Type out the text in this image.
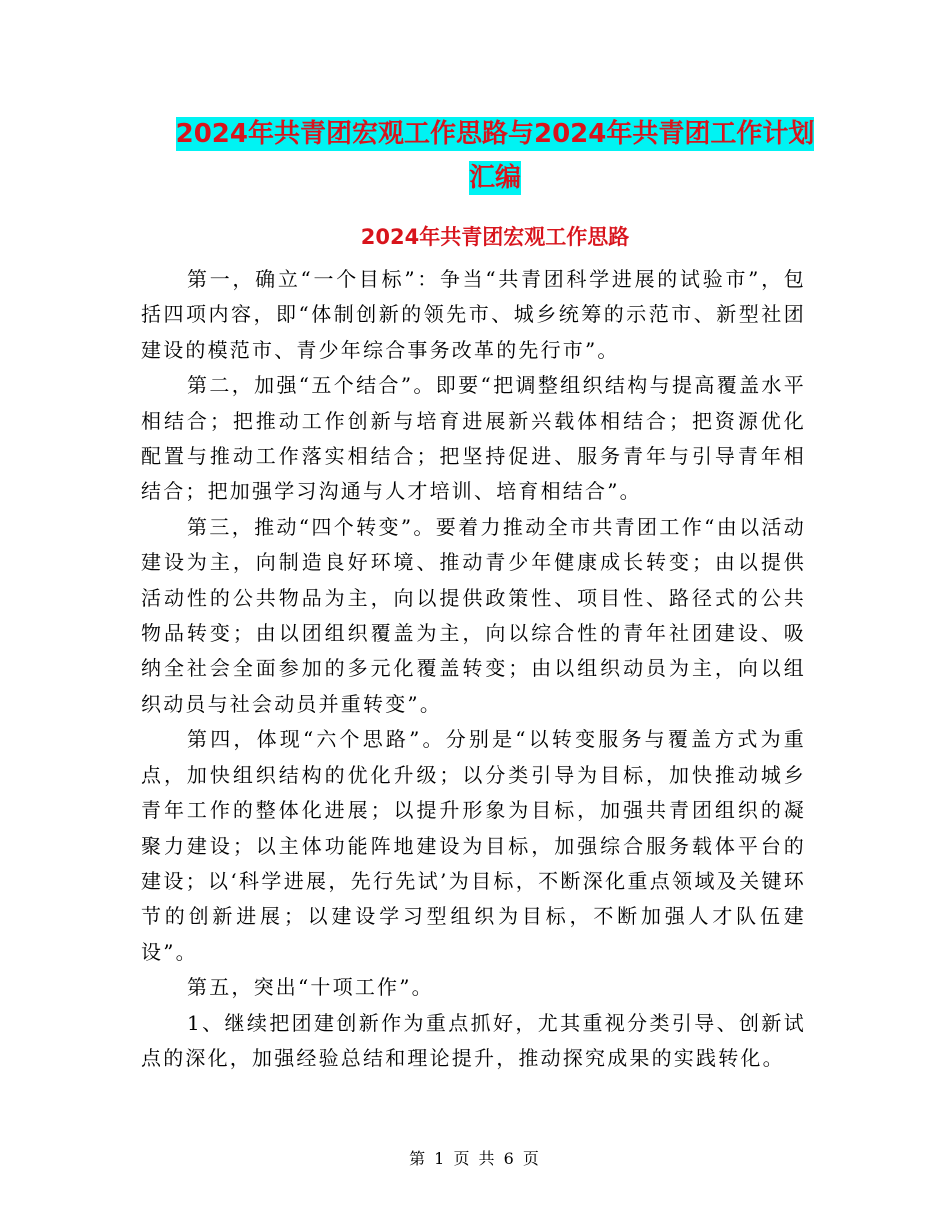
2024年共青团宏观工作思路与2024年共青团工作计划
汇编
2024年共青团宏观工作思路

第一，确立“一个目标”：争当“共青团科学进展的试验市”，包括四项内容，即“体制创新的领先市、城乡统筹的示范市、新型社团建设的模范市、青少年综合事务改革的先行市”。

第二，加强“五个结合”。即要“把调整组织结构与提高覆盖水平相结合；把推动工作创新与培育进展新兴载体相结合；把资源优化配置与推动工作落实相结合；把坚持促进、服务青年与引导青年相结合；把加强学习沟通与人才培训、培育相结合”。

第三，推动“四个转变”。要着力推动全市共青团工作“由以活动建设为主，向制造良好环境、推动青少年健康成长转变；由以提供活动性的公共物品为主，向以提供政策性、项目性、路径式的公共物品转变；由以团组织覆盖为主，向以综合性的青年社团建设、吸纳全社会全面参加的多元化覆盖转变；由以组织动员为主，向以组织动员与社会动员并重转变”。

第四，体现“六个思路”。分别是“以转变服务与覆盖方式为重点，加快组织结构的优化升级；以分类引导为目标，加快推动城乡青年工作的整体化进展；以提升形象为目标，加强共青团组织的凝聚力建设；以主体功能阵地建设为目标，加强综合服务载体平台的建设；以‘科学进展，先行先试’为目标，不断深化重点领域及关键环节的创新进展；以建设学习型组织为目标，不断加强人才队伍建设”。

第五，突出“十项工作”。

1、继续把团建创新作为重点抓好，尤其重视分类引导、创新试点的深化，加强经验总结和理论提升，推动探究成果的实践转化。

第 1 页 共 6 页
